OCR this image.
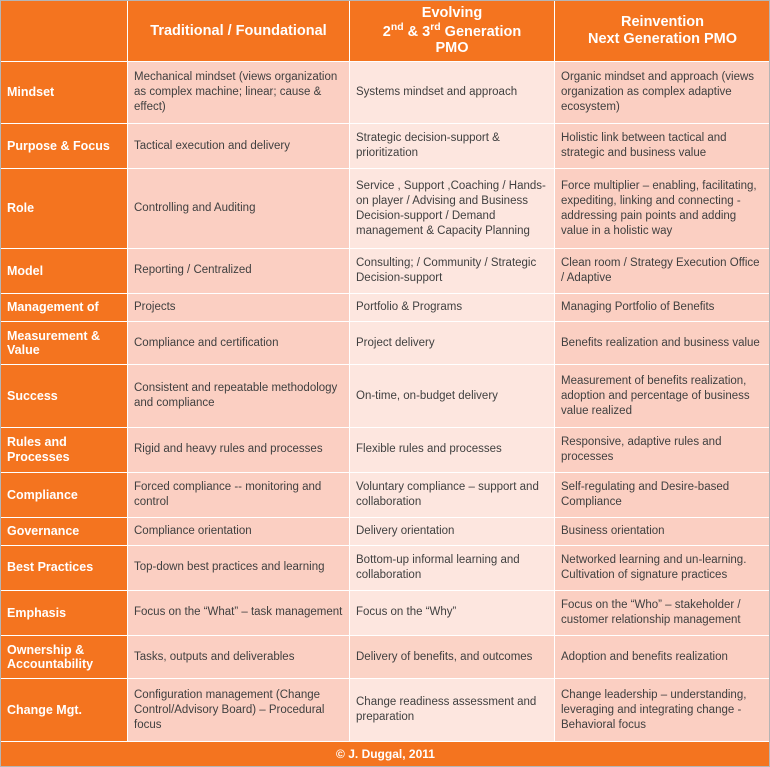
	Traditional / Foundational	Evolving
2nd & 3rd Generation
PMO	Reinvention
Next Generation PMO

Mindset	Mechanical mindset (views organization as complex machine; linear; cause & effect)	Systems mindset and approach	Organic mindset and approach (views organization as complex adaptive ecosystem)
Purpose & Focus	Tactical execution and delivery	Strategic decision-support & prioritization	Holistic link between tactical and strategic and business value
Role	Controlling and Auditing	Service , Support ,Coaching / Hands-on player / Advising and Business Decision-support / Demand management & Capacity Planning	Force multiplier – enabling, facilitating, expediting, linking and connecting - addressing pain points and adding value in a holistic way
Model	Reporting / Centralized	Consulting; / Community / Strategic Decision-support	Clean room / Strategy Execution Office / Adaptive
Management of	Projects	Portfolio & Programs	Managing Portfolio of Benefits
Measurement & Value	Compliance and certification	Project delivery	Benefits realization and business value
Success	Consistent and repeatable methodology and compliance	On-time, on-budget delivery	Measurement of benefits realization, adoption and percentage of business value realized
Rules and Processes	Rigid and heavy rules and processes	Flexible rules and processes	Responsive, adaptive rules and processes
Compliance	Forced compliance -- monitoring and control	Voluntary compliance – support and collaboration	Self-regulating and Desire-based Compliance
Governance	Compliance orientation	Delivery orientation	Business orientation
Best Practices	Top-down best practices and learning	Bottom-up informal learning and collaboration	Networked learning and un-learning. Cultivation of signature practices
Emphasis	Focus on the “What” – task management	Focus on the “Why”	Focus on the “Who” – stakeholder / customer relationship management
Ownership & Accountability	Tasks, outputs and deliverables	Delivery of benefits, and outcomes	Adoption and benefits realization
Change Mgt.	Configuration management (Change Control/Advisory Board) – Procedural focus	Change readiness assessment and preparation	Change leadership – understanding, leveraging and integrating change - Behavioral focus
© J. Duggal, 2011			
